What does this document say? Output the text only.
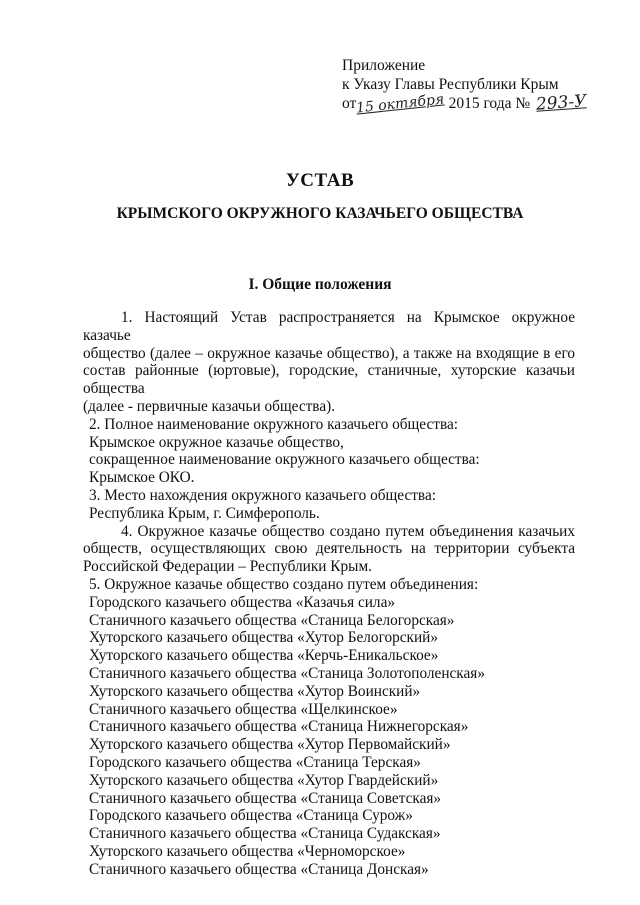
Приложение
к Указу Главы Республики Крым
от15 октября 2015 года № 293-У
УСТАВ
КРЫМСКОГО ОКРУЖНОГО КАЗАЧЬЕГО ОБЩЕСТВА
I. Общие положения

1. Настоящий Устав распространяется на Крымское окружное казачье

общество (далее – окружное казачье общество), а также на входящие в его

состав районные (юртовые), городские, станичные, хуторские казачьи общества

(далее - первичные казачьи общества).

2. Полное наименование окружного казачьего общества:

Крымское окружное казачье общество,

сокращенное наименование окружного казачьего общества:

Крымское ОКО.

3. Место нахождения окружного казачьего общества:

Республика Крым, г. Симферополь.

4. Окружное казачье общество создано путем объединения казачьих

обществ, осуществляющих свою деятельность на территории субъекта

Российской Федерации – Республики Крым.

5. Окружное казачье общество создано путем объединения:

Городского казачьего общества «Казачья сила»

Станичного казачьего общества «Станица Белогорская»

Хуторского казачьего общества «Хутор Белогорский»

Хуторского казачьего общества «Керчь-Еникальское»

Станичного казачьего общества «Станица Золотополенская»

Хуторского казачьего общества «Хутор Воинский»

Станичного казачьего общества «Щелкинское»

Станичного казачьего общества «Станица Нижнегорская»

Хуторского казачьего общества «Хутор Первомайский»

Городского казачьего общества «Станица Терская»

Хуторского казачьего общества «Хутор Гвардейский»

Станичного казачьего общества «Станица Советская»

Городского казачьего общества «Станица Сурож»

Станичного казачьего общества «Станица Судакская»

Хуторского казачьего общества «Черноморское»

Станичного казачьего общества «Станица Донская»
